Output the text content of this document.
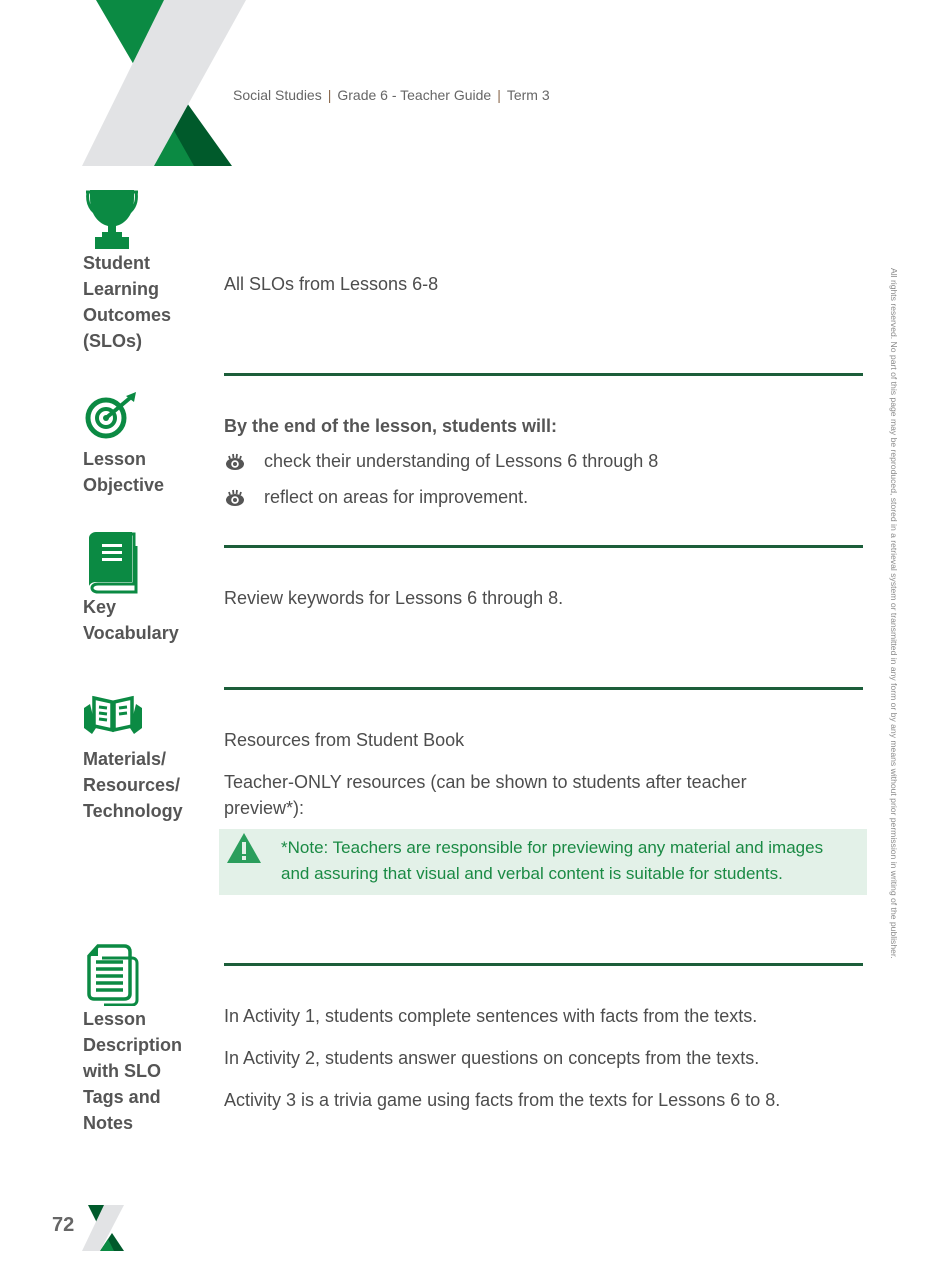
Social Studies | Grade 6 - Teacher Guide | Term 3
Student
Learning
Outcomes
(SLOs)
All SLOs from Lessons 6-8
Lesson
Objective
By the end of the lesson, students will:
check their understanding of Lessons 6 through 8
reflect on areas for improvement.
Key
Vocabulary
Review keywords for Lessons 6 through 8.
Materials/
Resources/
Technology
Resources from Student Book
Teacher-ONLY resources (can be shown to students after teacher
preview*):
*Note: Teachers are responsible for previewing any material and images
and assuring that visual and verbal content is suitable for students.
Lesson
Description
with SLO
Tags and
Notes
In Activity 1, students complete sentences with facts from the texts.
In Activity 2, students answer questions on concepts from the texts.
Activity 3 is a trivia game using facts from the texts for Lessons 6 to 8.
All rights reserved. No part of this page may be reproduced, stored in a retrieval system or transmitted in any form or by any means without prior permission in writing of the publisher.
72
